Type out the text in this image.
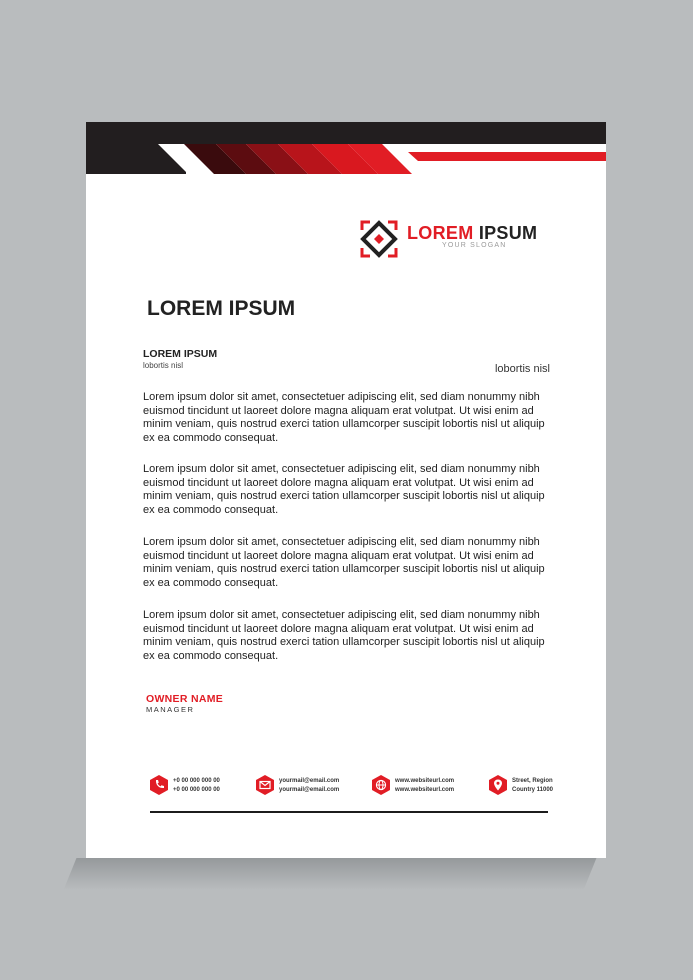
LOREM IPSUM
YOUR SLOGAN
LOREM IPSUM
LOREM IPSUM
lobortis nisl	lobortis nisl

Lorem ipsum dolor sit amet, consectetuer adipiscing elit, sed diam nonummy nibh euismod tincidunt ut laoreet dolore magna aliquam erat volutpat. Ut wisi enim ad minim veniam, quis nostrud exerci tation ullamcorper suscipit lobortis nisl ut aliquip ex ea commodo consequat.

Lorem ipsum dolor sit amet, consectetuer adipiscing elit, sed diam nonummy nibh euismod tincidunt ut laoreet dolore magna aliquam erat volutpat. Ut wisi enim ad minim veniam, quis nostrud exerci tation ullamcorper suscipit lobortis nisl ut aliquip ex ea commodo consequat.

Lorem ipsum dolor sit amet, consectetuer adipiscing elit, sed diam nonummy nibh euismod tincidunt ut laoreet dolore magna aliquam erat volutpat. Ut wisi enim ad minim veniam, quis nostrud exerci tation ullamcorper suscipit lobortis nisl ut aliquip ex ea commodo consequat.

Lorem ipsum dolor sit amet, consectetuer adipiscing elit, sed diam nonummy nibh euismod tincidunt ut laoreet dolore magna aliquam erat volutpat. Ut wisi enim ad minim veniam, quis nostrud exerci tation ullamcorper suscipit lobortis nisl ut aliquip ex ea commodo consequat.

OWNER NAME
MANAGER
+0 00 000 000 00
+0 00 000 000 00
yourmail@email.com
yourmail@email.com
www.websiteurl.com
www.websiteurl.com
Street, Region
Country 11000
